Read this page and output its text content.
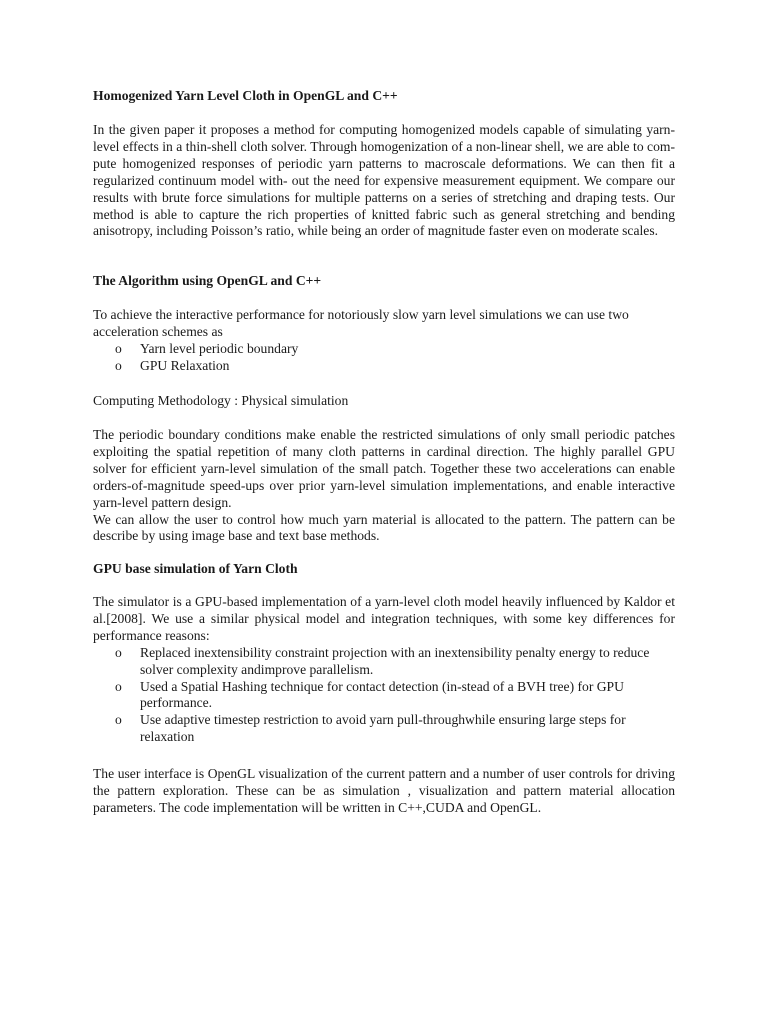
Homogenized Yarn Level Cloth in OpenGL and C++

In the given paper it proposes a method for computing homogenized models capable of simulating yarn-level effects in a thin-shell cloth solver. Through homogenization of a non-linear shell, we are able to com- pute homogenized responses of periodic yarn patterns to macroscale deformations. We can then fit a regularized continuum model with- out the need for expensive measurement equipment. We compare our results with brute force simulations for multiple patterns on a series of stretching and draping tests. Our method is able to capture the rich properties of knitted fabric such as general stretching and bending anisotropy, including Poisson’s ratio, while being an order of magnitude faster even on moderate scales.

The Algorithm using OpenGL and C++

To achieve the interactive performance for notoriously slow yarn level simulations we can use two acceleration schemes as

o Yarn level periodic boundary
o GPU Relaxation
Computing Methodology : Physical simulation

The periodic boundary conditions make enable the restricted simulations of only small periodic patches exploiting the spatial repetition of many cloth patterns in cardinal direction. The highly parallel GPU solver for efficient yarn-level simulation of the small patch. Together these two accelerations can enable orders-of-magnitude speed-ups over prior yarn-level simulation implementations, and enable interactive yarn-level pattern design.

We can allow the user to control how much yarn material is allocated to the pattern. The pattern can be describe by using image base and text base methods.

GPU base simulation of Yarn Cloth

The simulator is a GPU-based implementation of a yarn-level cloth model heavily influenced by Kaldor et al.[2008]. We use a similar physical model and integration techniques, with some key differences for performance reasons:

o Replaced inextensibility constraint projection with an inextensibility penalty energy to reduce solver complexity andimprove parallelism.
o Used a Spatial Hashing technique for contact detection (in-stead of a BVH tree) for GPU performance.
o Use adaptive timestep restriction to avoid yarn pull-throughwhile ensuring large steps for relaxation

The user interface is OpenGL visualization of the current pattern and a number of user controls for driving the pattern exploration. These can be as simulation , visualization and pattern material allocation parameters. The code implementation will be written in C++,CUDA and OpenGL.
